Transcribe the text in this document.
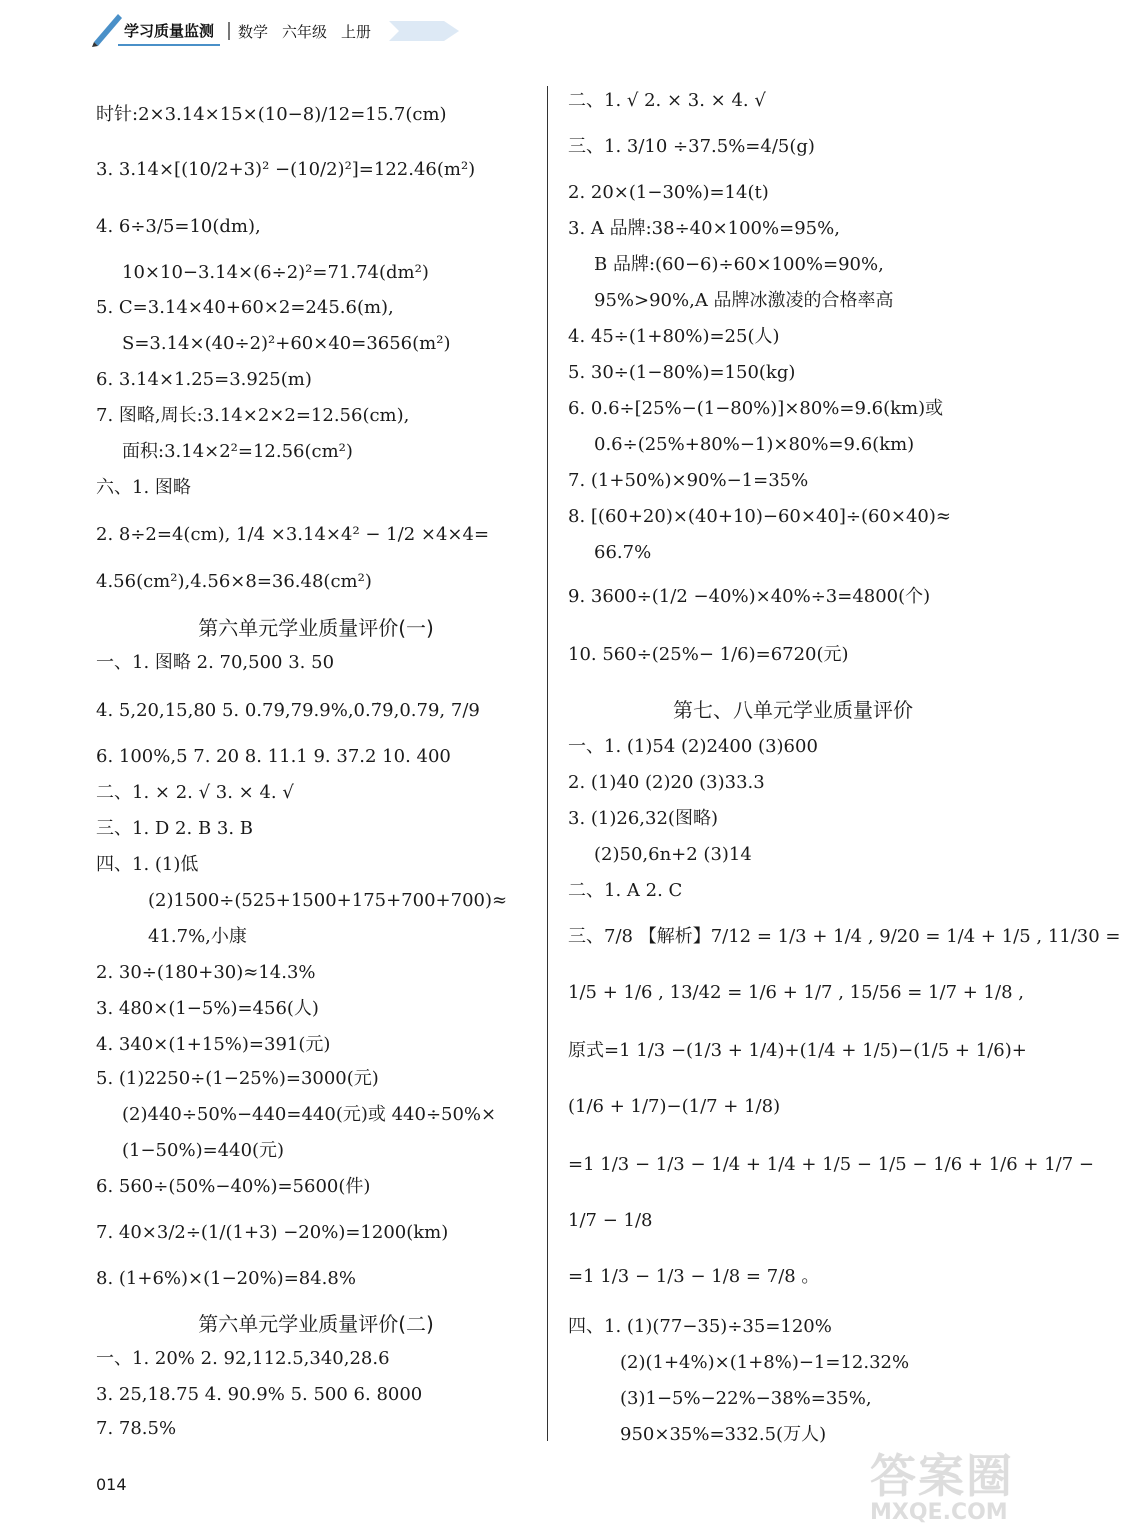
学习质量监测	数学 六年级 上册
时针:2×3.14×15×(10−8)/12=15.7(cm)
3. 3.14×[(10/2+3)² −(10/2)²]=122.46(m²)
4. 6÷3/5=10(dm),
10×10−3.14×(6÷2)²=71.74(dm²)
5. C=3.14×40+60×2=245.6(m),
S=3.14×(40÷2)²+60×40=3656(m²)
6. 3.14×1.25=3.925(m)
7. 图略,周长:3.14×2×2=12.56(cm),
面积:3.14×2²=12.56(cm²)
六、1. 图略
2. 8÷2=4(cm), 1/4 ×3.14×4² − 1/2 ×4×4=
4.56(cm²),4.56×8=36.48(cm²)
第六单元学业质量评价(一)
一、1. 图略 2. 70,500 3. 50
4. 5,20,15,80 5. 0.79̇,79.9%,0.7̇9̇,0.79, 7/9
6. 100%,5 7. 20 8. 11.1 9. 37.2 10. 400
二、1. × 2. √ 3. × 4. √
三、1. D 2. B 3. B
四、1. (1)低
(2)1500÷(525+1500+175+700+700)≈
41.7%,小康
2. 30÷(180+30)≈14.3%
3. 480×(1−5%)=456(人)
4. 340×(1+15%)=391(元)
5. (1)2250÷(1−25%)=3000(元)
(2)440÷50%−440=440(元)或 440÷50%×
(1−50%)=440(元)
6. 560÷(50%−40%)=5600(件)
7. 40×3/2÷(1/(1+3) −20%)=1200(km)
8. (1+6%)×(1−20%)=84.8%
第六单元学业质量评价(二)
一、1. 20% 2. 92,112.5,340,28.6
3. 25,18.75 4. 90.9% 5. 500 6. 8000
7. 78.5%
二、1. √ 2. × 3. × 4. √
三、1. 3/10 ÷37.5%=4/5(g)
2. 20×(1−30%)=14(t)
3. A 品牌:38÷40×100%=95%,
B 品牌:(60−6)÷60×100%=90%,
95%>90%,A 品牌冰激凌的合格率高
4. 45÷(1+80%)=25(人)
5. 30÷(1−80%)=150(kg)
6. 0.6÷[25%−(1−80%)]×80%=9.6(km)或
0.6÷(25%+80%−1)×80%=9.6(km)
7. (1+50%)×90%−1=35%
8. [(60+20)×(40+10)−60×40]÷(60×40)≈
66.7%
9. 3600÷(1/2 −40%)×40%÷3=4800(个)
10. 560÷(25%− 1/6)=6720(元)
第七、八单元学业质量评价
一、1. (1)54 (2)2400 (3)600
2. (1)40 (2)20 (3)33.3
3. (1)26,32(图略)
(2)50,6n+2 (3)14
二、1. A 2. C
三、7/8 【解析】7/12 = 1/3 + 1/4 , 9/20 = 1/4 + 1/5 , 11/30 =
1/5 + 1/6 , 13/42 = 1/6 + 1/7 , 15/56 = 1/7 + 1/8 ,
原式=1 1/3 −(1/3 + 1/4)+(1/4 + 1/5)−(1/5 + 1/6)+
(1/6 + 1/7)−(1/7 + 1/8)
=1 1/3 − 1/3 − 1/4 + 1/4 + 1/5 − 1/5 − 1/6 + 1/6 + 1/7 −
1/7 − 1/8
=1 1/3 − 1/3 − 1/8 = 7/8 。
四、1. (1)(77−35)÷35=120%
(2)(1+4%)×(1+8%)−1=12.32%
(3)1−5%−22%−38%=35%,
950×35%=332.5(万人)
014	答案圈
MXQE.COM
